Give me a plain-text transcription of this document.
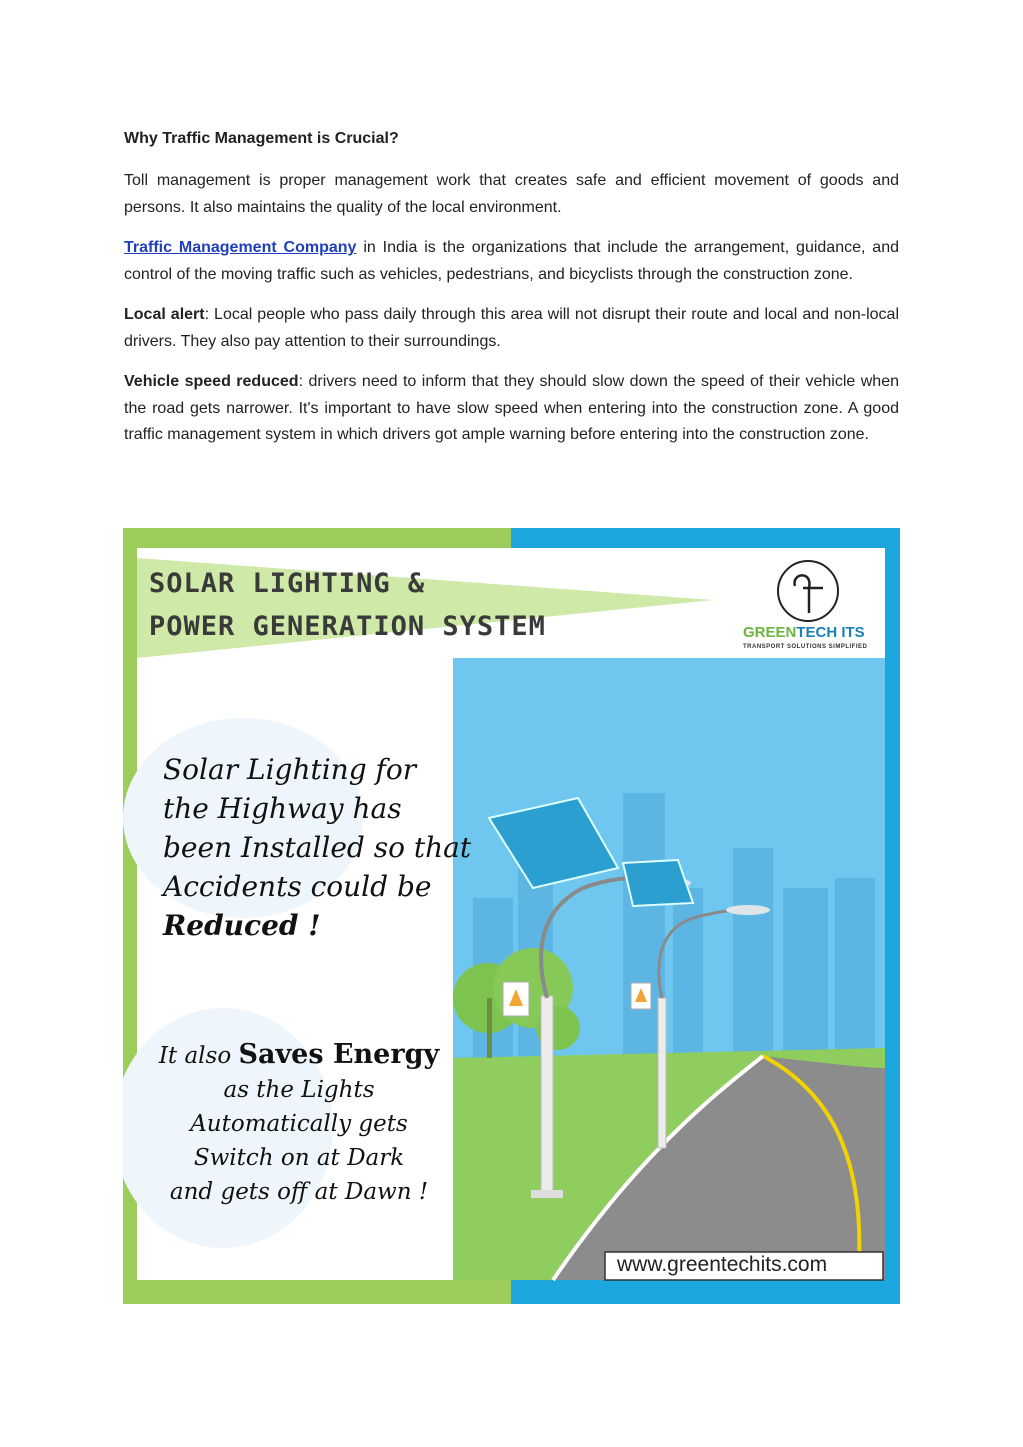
Why Traffic Management is Crucial?

Toll management is proper management work that creates safe and efficient movement of goods and persons. It also maintains the quality of the local environment.

Traffic Management Company in India is the organizations that include the arrangement, guidance, and control of the moving traffic such as vehicles, pedestrians, and bicyclists through the construction zone.

Local alert: Local people who pass daily through this area will not disrupt their route and local and non-local drivers. They also pay attention to their surroundings.

Vehicle speed reduced: drivers need to inform that they should slow down the speed of their vehicle when the road gets narrower. It's important to have slow speed when entering into the construction zone. A good traffic management system in which drivers got ample warning before entering into the construction zone.

SOLAR LIGHTING &
POWER GENERATION SYSTEM	GREENTECH ITS
TRANSPORT SOLUTIONS SIMPLIFIED
Solar Lighting for
the Highway has
been Installed so that
Accidents could be
Reduced !
It also Saves Energy
as the Lights
Automatically gets
Switch on at Dark
and gets off at Dawn !
www.greentechits.com
